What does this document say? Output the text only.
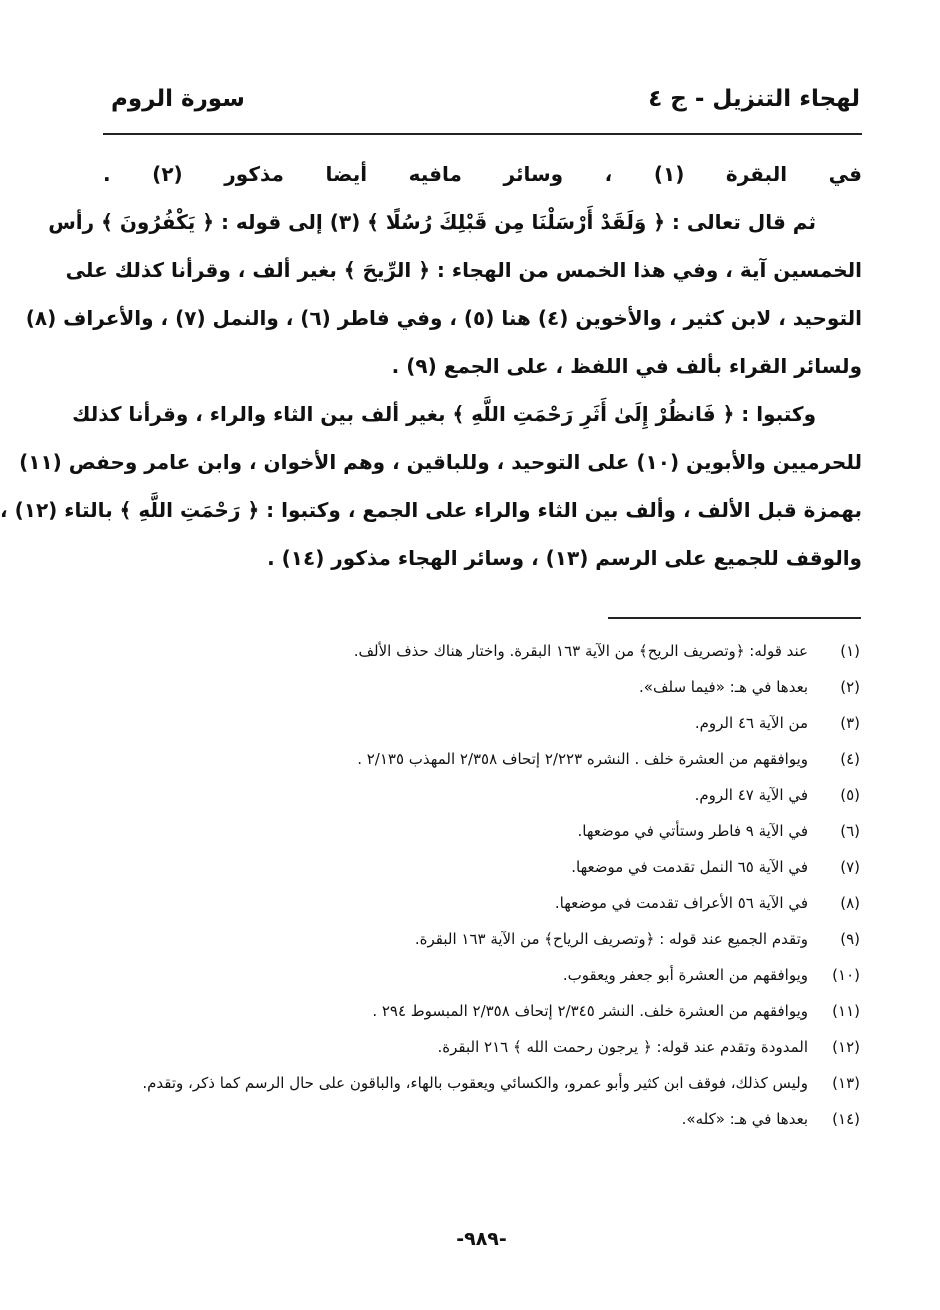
لهجاء التنزيل - ج ٤
سورة الروم
في البقرة (١) ، وسائر مافيه أيضا مذكور (٢) .
ثم قال تعالى : ﴿ وَلَقَدْ أَرْسَلْنَا مِن قَبْلِكَ رُسُلًا ﴾ (٣) إلى قوله : ﴿ يَكْفُرُونَ ﴾ رأس
الخمسين آية ، وفي هذا الخمس من الهجاء : ﴿ الرِّيحَ ﴾ بغير ألف ، وقرأنا كذلك على
التوحيد ، لابن كثير ، والأخوين (٤) هنا (٥) ، وفي فاطر (٦) ، والنمل (٧) ، والأعراف (٨)
ولسائر القراء بألف في اللفظ ، على الجمع (٩) .
وكتبوا : ﴿ فَانظُرْ إِلَىٰ أَثَرِ رَحْمَتِ اللَّهِ ﴾ بغير ألف بين الثاء والراء ، وقرأنا كذلك
للحرميين والأبوين (١٠) على التوحيد ، وللباقين ، وهم الأخوان ، وابن عامر وحفص (١١)
بهمزة قبل الألف ، وألف بين الثاء والراء على الجمع ، وكتبوا : ﴿ رَحْمَتِ اللَّهِ ﴾ بالتاء (١٢) ،
والوقف للجميع على الرسم (١٣) ، وسائر الهجاء مذكور (١٤) .
(١)
عند قوله: ﴿وتصريف الريح﴾ من الآية ١٦٣ البقرة. واختار هناك حذف الألف.
(٢)
بعدها في هـ: «فيما سلف».
(٣)
من الآية ٤٦ الروم.
(٤)
ويوافقهم من العشرة خلف . النشره ٢/٢٢٣ إتحاف ٢/٣٥٨ المهذب ٢/١٣٥ .
(٥)
في الآية ٤٧ الروم.
(٦)
في الآية ٩ فاطر وستأتي في موضعها.
(٧)
في الآية ٦٥ النمل تقدمت في موضعها.
(٨)
في الآية ٥٦ الأعراف تقدمت في موضعها.
(٩)
وتقدم الجميع عند قوله : ﴿وتصريف الرياح﴾ من الآية ١٦٣ البقرة.
(١٠)
ويوافقهم من العشرة أبو جعفر ويعقوب.
(١١)
ويوافقهم من العشرة خلف. النشر ٢/٣٤٥ إتحاف ٢/٣٥٨ المبسوط ٢٩٤ .
(١٢)
المدودة وتقدم عند قوله: ﴿ يرجون رحمت الله ﴾ ٢١٦ البقرة.
(١٣)
وليس كذلك، فوقف ابن كثير وأبو عمرو، والكسائي ويعقوب بالهاء، والباقون على حال الرسم كما ذكر، وتقدم.
(١٤)
بعدها في هـ: «كله».
-٩٨٩-
